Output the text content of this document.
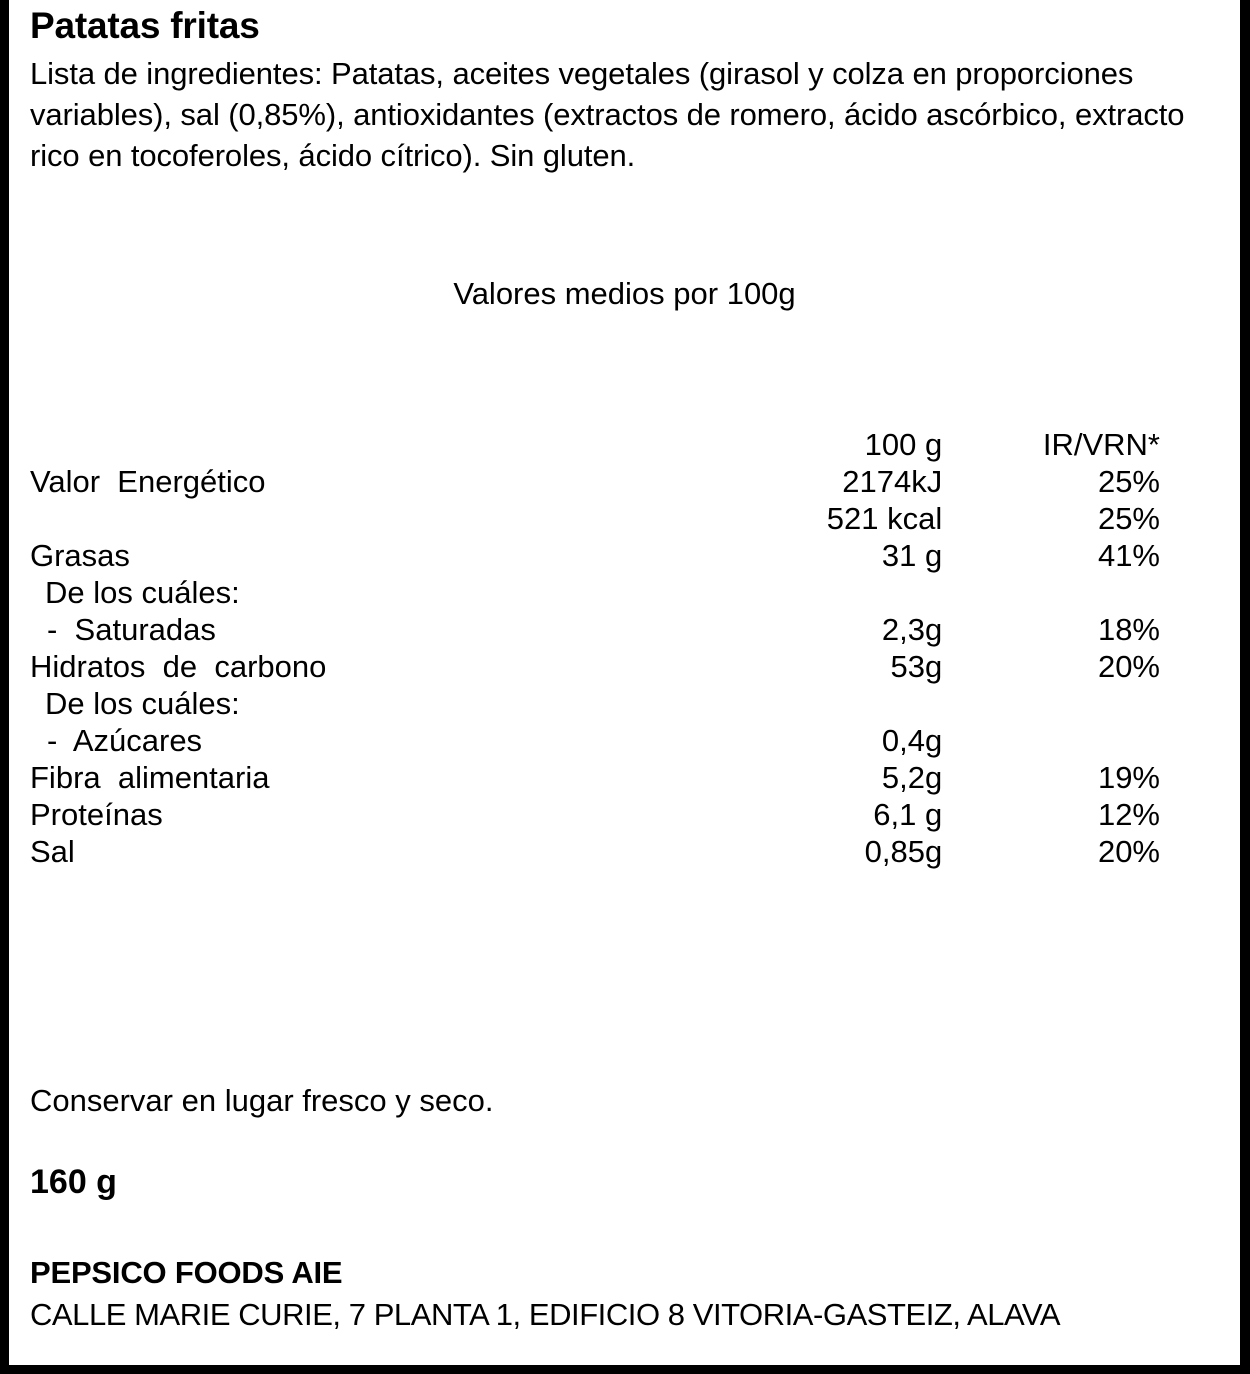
Patatas fritas

Lista de ingredientes: Patatas, aceites vegetales (girasol y colza en proporciones variables), sal (0,85%), antioxidantes (extractos de romero, ácido ascórbico, extracto rico en tocoferoles, ácido cítrico). Sin gluten.

Valores medios por 100g
	100 g	IR/VRN*
Valor  Energético	2174kJ	25%
	521 kcal	25%
Grasas	31 g	41%
De los cuáles:		
-  Saturadas	2,3g	18%
Hidratos  de  carbono	53g	20%
De los cuáles:		
-  Azúcares	0,4g	
Fibra  alimentaria	5,2g	19%
Proteínas	6,1 g	12%
Sal	0,85g	20%
Conservar en lugar fresco y seco.
160 g
PEPSICO FOODS AIE
CALLE MARIE CURIE, 7 PLANTA 1, EDIFICIO 8 VITORIA-GASTEIZ, ALAVA
